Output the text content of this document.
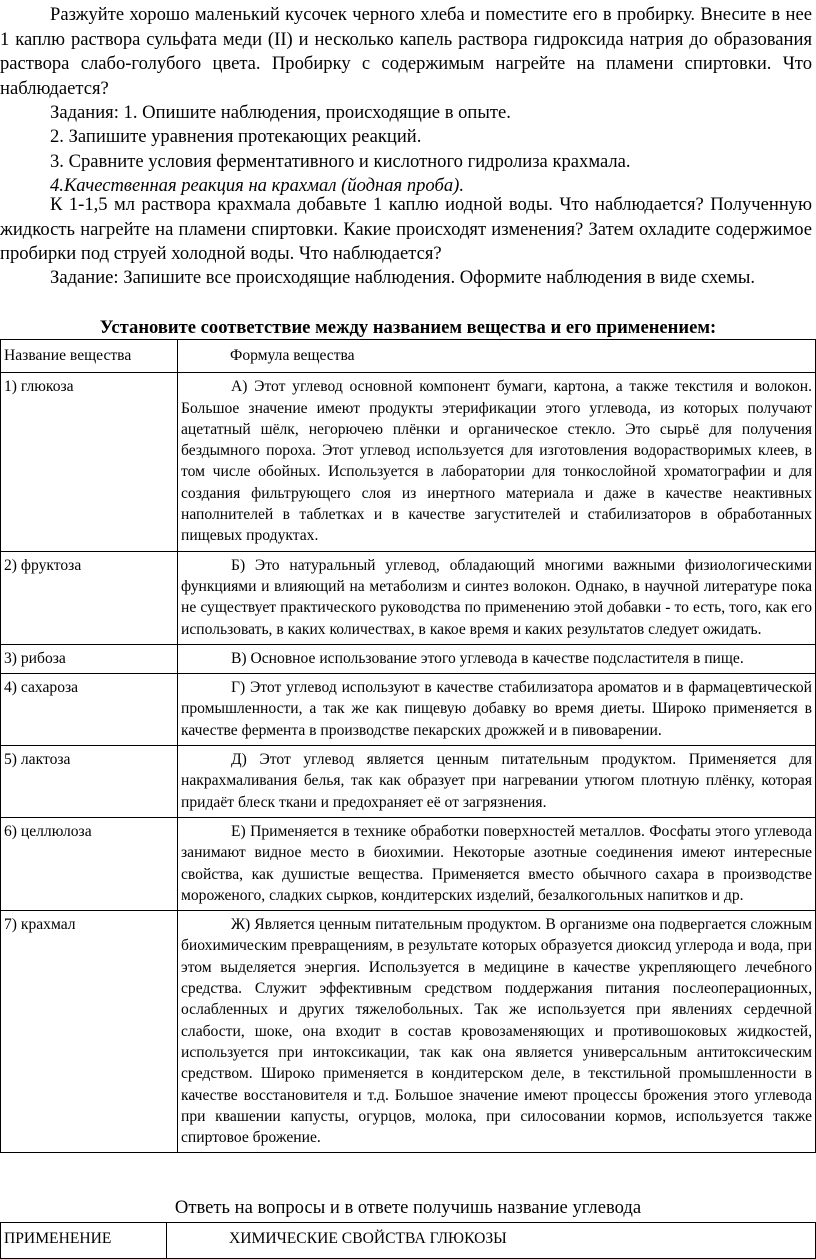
Разжуйте хорошо маленький кусочек черного хлеба и поместите его в пробирку. Внесите в нее 1 каплю раствора сульфата меди (II) и несколько капель раствора гидроксида натрия до образования раствора слабо-голубого цвета. Пробирку с содержимым нагрейте на пламени спиртовки. Что наблюдается?

Задания: 1. Опишите наблюдения, происходящие в опыте.

2. Запишите уравнения протекающих реакций.

3. Сравните условия ферментативного и кислотного гидролиза крахмала.

4.Качественная реакция на крахмал (йодная проба).

К 1-1,5 мл раствора крахмала добавьте 1 каплю иодной воды. Что наблюдается? Полученную жидкость нагрейте на пламени спиртовки. Какие происходят изменения? Затем охладите содержимое пробирки под струей холодной воды. Что наблюдается?

Задание: Запишите все происходящие наблюдения. Оформите наблюдения в виде схемы.

Установите соответствие между названием вещества и его применением:

Название вещества	Формула вещества
1) глюкоза	А) Этот углевод основной компонент бумаги, картона, а также текстиля и волокон. Большое значение имеют продукты этерификации этого углевода, из которых получают ацетатный шёлк, негорючею плёнки и органическое стекло. Это сырьё для получения бездымного пороха. Этот углевод используется для изготовления водорастворимых клеев, в том числе обойных. Используется в лаборатории для тонкослойной хроматографии и для создания фильтрующего слоя из инертного материала и даже в качестве неактивных наполнителей в таблетках и в качестве загустителей и стабилизаторов в обработанных пищевых продуктах.
2) фруктоза	Б) Это натуральный углевод, обладающий многими важными физиологическими функциями и влияющий на метаболизм и синтез волокон. Однако, в научной литературе пока не существует практического руководства по применению этой добавки - то есть, того, как его использовать, в каких количествах, в какое время и каких результатов следует ожидать.
3) рибоза	В) Основное использование этого углевода в качестве подсластителя в пище.
4) сахароза	Г) Этот углевод используют в качестве стабилизатора ароматов и в фармацевтической промышленности, а так же как пищевую добавку во время диеты. Широко применяется в качестве фермента в производстве пекарских дрожжей и в пивоварении.
5) лактоза	Д) Этот углевод является ценным питательным продуктом. Применяется для накрахмаливания белья, так как образует при нагревании утюгом плотную плёнку, которая придаёт блеск ткани и предохраняет её от загрязнения.
6) целлюлоза	Е) Применяется в технике обработки поверхностей металлов. Фосфаты этого углевода занимают видное место в биохимии. Некоторые азотные соединения имеют интересные свойства, как душистые вещества. Применяется вместо обычного сахара в производстве мороженого, сладких сырков, кондитерских изделий, безалкогольных напитков и др.
7) крахмал	Ж) Является ценным питательным продуктом. В организме она подвергается сложным биохимическим превращениям, в результате которых образуется диоксид углерода и вода, при этом выделяется энергия. Используется в медицине в качестве укрепляющего лечебного средства. Служит эффективным средством поддержания питания послеоперационных, ослабленных и других тяжелобольных. Так же используется при явлениях сердечной слабости, шоке, она входит в состав кровозаменяющих и противошоковых жидкостей, используется при интоксикации, так как она является универсальным антитоксическим средством. Широко применяется в кондитерском деле, в текстильной промышленности в качестве восстановителя и т.д. Большое значение имеют процессы брожения этого углевода при квашении капусты, огурцов, молока, при силосовании кормов, используется также спиртовое брожение.

Ответь на вопросы и в ответе получишь название углевода

ПРИМЕНЕНИЕ	ХИМИЧЕСКИЕ СВОЙСТВА ГЛЮКОЗЫ
